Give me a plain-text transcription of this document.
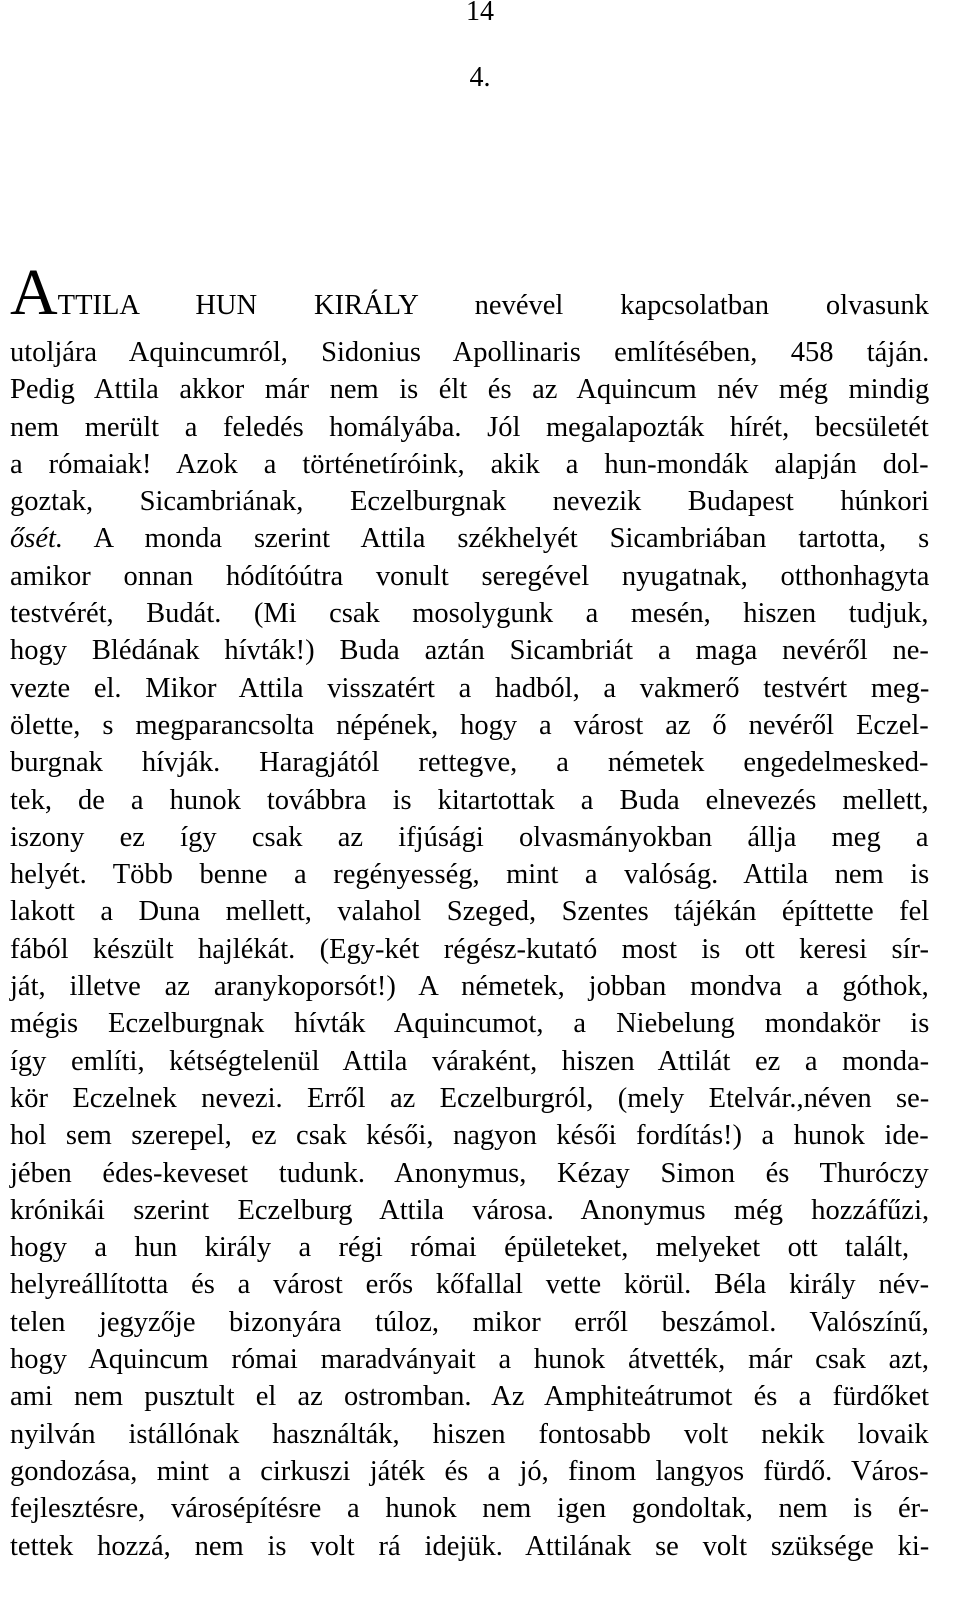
14
4.
ATTILA HUN KIRÁLY nevével kapcsolatban olvasunk
utoljára Aquincumról, Sidonius Apollinaris említésében, 458 táján.
Pedig Attila akkor már nem is élt és az Aquincum név még mindig
nem merült a feledés homályába. Jól megalapozták hírét, becsületét
a rómaiak! Azok a történetíróink, akik a hun-mondák alapján dol-
goztak, Sicambriának, Eczelburgnak nevezik Budapest húnkori
ősét. A monda szerint Attila székhelyét Sicambriában tartotta, s
amikor onnan hódítóútra vonult seregével nyugatnak, otthonhagyta
testvérét, Budát. (Mi csak mosolygunk a mesén, hiszen tudjuk,
hogy Blédának hívták!) Buda aztán Sicambriát a maga nevéről ne-
vezte el. Mikor Attila visszatért a hadból, a vakmerő testvért meg-
ölette, s megparancsolta népének, hogy a várost az ő nevéről Eczel-
burgnak hívják. Haragjától rettegve, a németek engedelmesked-
tek, de a hunok továbbra is kitartottak a Buda elnevezés mellett,
iszony ez így csak az ifjúsági olvasmányokban állja meg a
helyét. Több benne a regényesség, mint a valóság. Attila nem is
lakott a Duna mellett, valahol Szeged, Szentes tájékán építtette fel
fából készült hajlékát. (Egy-két régész-kutató most is ott keresi sír-
ját, illetve az aranykoporsót!) A németek, jobban mondva a góthok,
mégis Eczelburgnak hívták Aquincumot, a Niebelung mondakör is
így említi, kétségtelenül Attila váraként, hiszen Attilát ez a monda-
kör Eczelnek nevezi. Erről az Eczelburgról, (mely Etelvár.,néven se-
hol sem szerepel, ez csak késői, nagyon késői fordítás!) a hunok ide-
jében édes-keveset tudunk. Anonymus, Kézay Simon és Thuróczy
krónikái szerint Eczelburg Attila városa. Anonymus még hozzáfűzi,
hogy a hun király a régi római épületeket, melyeket ott talált,
helyreállította és a várost erős kőfallal vette körül. Béla király név-
telen jegyzője bizonyára túloz, mikor erről beszámol. Valószínű,
hogy Aquincum római maradványait a hunok átvették, már csak azt,
ami nem pusztult el az ostromban. Az Amphiteátrumot és a fürdőket
nyilván istállónak használták, hiszen fontosabb volt nekik lovaik
gondozása, mint a cirkuszi játék és a jó, finom langyos fürdő. Város-
fejlesztésre, városépítésre a hunok nem igen gondoltak, nem is ér-
tettek hozzá, nem is volt rá idejük. Attilának se volt szüksége ki-
